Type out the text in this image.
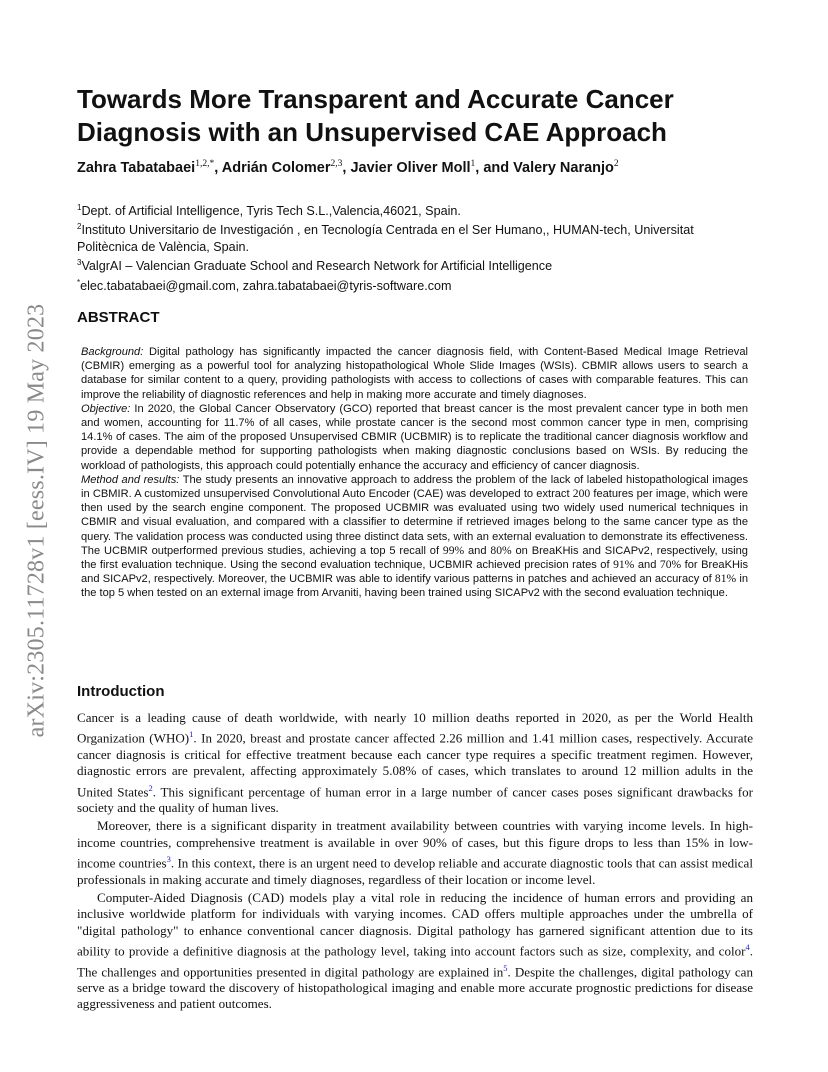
arXiv:2305.11728v1 [eess.IV] 19 May 2023
Towards More Transparent and Accurate Cancer Diagnosis with an Unsupervised CAE Approach
Zahra Tabatabaei$^{1,2,*}$, Adrián Colomer$^{2,3}$, Javier Oliver Moll$^1$, and Valery Naranjo$^2$
$^1$Dept. of Artificial Intelligence, Tyris Tech S.L.,Valencia,46021, Spain.
$^2$Instituto Universitario de Investigación , en Tecnología Centrada en el Ser Humano,, HUMAN-tech, Universitat Politècnica de València, Spain.
$^3$ValgrAI – Valencian Graduate School and Research Network for Artificial Intelligence
*elec.tabatabaei@gmail.com, zahra.tabatabaei@tyris-software.com
ABSTRACT

Background: Digital pathology has significantly impacted the cancer diagnosis field, with Content-Based Medical Image Retrieval (CBMIR) emerging as a powerful tool for analyzing histopathological Whole Slide Images (WSIs). CBMIR allows users to search a database for similar content to a query, providing pathologists with access to collections of cases with comparable features. This can improve the reliability of diagnostic references and help in making more accurate and timely diagnoses.

Objective: In 2020, the Global Cancer Observatory (GCO) reported that breast cancer is the most prevalent cancer type in both men and women, accounting for 11.7% of all cases, while prostate cancer is the second most common cancer type in men, comprising 14.1% of cases. The aim of the proposed Unsupervised CBMIR (UCBMIR) is to replicate the traditional cancer diagnosis workflow and provide a dependable method for supporting pathologists when making diagnostic conclusions based on WSIs. By reducing the workload of pathologists, this approach could potentially enhance the accuracy and efficiency of cancer diagnosis.

Method and results: The study presents an innovative approach to address the problem of the lack of labeled histopathological images in CBMIR. A customized unsupervised Convolutional Auto Encoder (CAE) was developed to extract 200 features per image, which were then used by the search engine component. The proposed UCBMIR was evaluated using two widely used numerical techniques in CBMIR and visual evaluation, and compared with a classifier to determine if retrieved images belong to the same cancer type as the query. The validation process was conducted using three distinct data sets, with an external evaluation to demonstrate its effectiveness. The UCBMIR outperformed previous studies, achieving a top 5 recall of 99% and 80% on BreaKHis and SICAPv2, respectively, using the first evaluation technique. Using the second evaluation technique, UCBMIR achieved precision rates of 91% and 70% for BreaKHis and SICAPv2, respectively. Moreover, the UCBMIR was able to identify various patterns in patches and achieved an accuracy of 81% in the top 5 when tested on an external image from Arvaniti, having been trained using SICAPv2 with the second evaluation technique.

Introduction

Cancer is a leading cause of death worldwide, with nearly 10 million deaths reported in 2020, as per the World Health Organization (WHO)$^1$. In 2020, breast and prostate cancer affected 2.26 million and 1.41 million cases, respectively. Accurate cancer diagnosis is critical for effective treatment because each cancer type requires a specific treatment regimen. However, diagnostic errors are prevalent, affecting approximately 5.08% of cases, which translates to around 12 million adults in the United States$^2$. This significant percentage of human error in a large number of cancer cases poses significant drawbacks for society and the quality of human lives.

Moreover, there is a significant disparity in treatment availability between countries with varying income levels. In high-income countries, comprehensive treatment is available in over 90% of cases, but this figure drops to less than 15% in low-income countries$^3$. In this context, there is an urgent need to develop reliable and accurate diagnostic tools that can assist medical professionals in making accurate and timely diagnoses, regardless of their location or income level.

Computer-Aided Diagnosis (CAD) models play a vital role in reducing the incidence of human errors and providing an inclusive worldwide platform for individuals with varying incomes. CAD offers multiple approaches under the umbrella of "digital pathology" to enhance conventional cancer diagnosis. Digital pathology has garnered significant attention due to its ability to provide a definitive diagnosis at the pathology level, taking into account factors such as size, complexity, and color$^4$. The challenges and opportunities presented in digital pathology are explained $in^5$. Despite the challenges, digital pathology can serve as a bridge toward the discovery of histopathological imaging and enable more accurate prognostic predictions for disease aggressiveness and patient outcomes.
